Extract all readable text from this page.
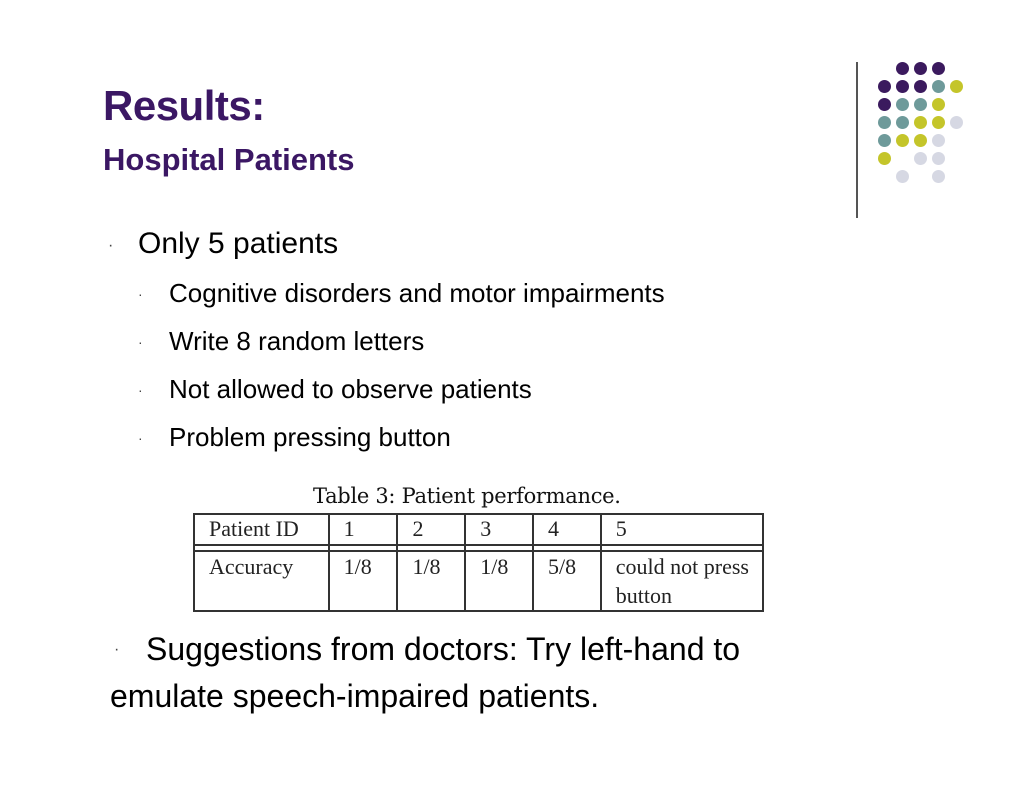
Results:
Hospital Patients
· Only 5 patients
· Cognitive disorders and motor impairments
· Write 8 random letters
· Not allowed to observe patients
· Problem pressing button
Table 3: Patient performance.
Patient ID	1	2	3	4	5

Accuracy	1/8	1/8	1/8	5/8	could not press button
· Suggestions from doctors: Try left-hand to emulate speech-impaired patients.
